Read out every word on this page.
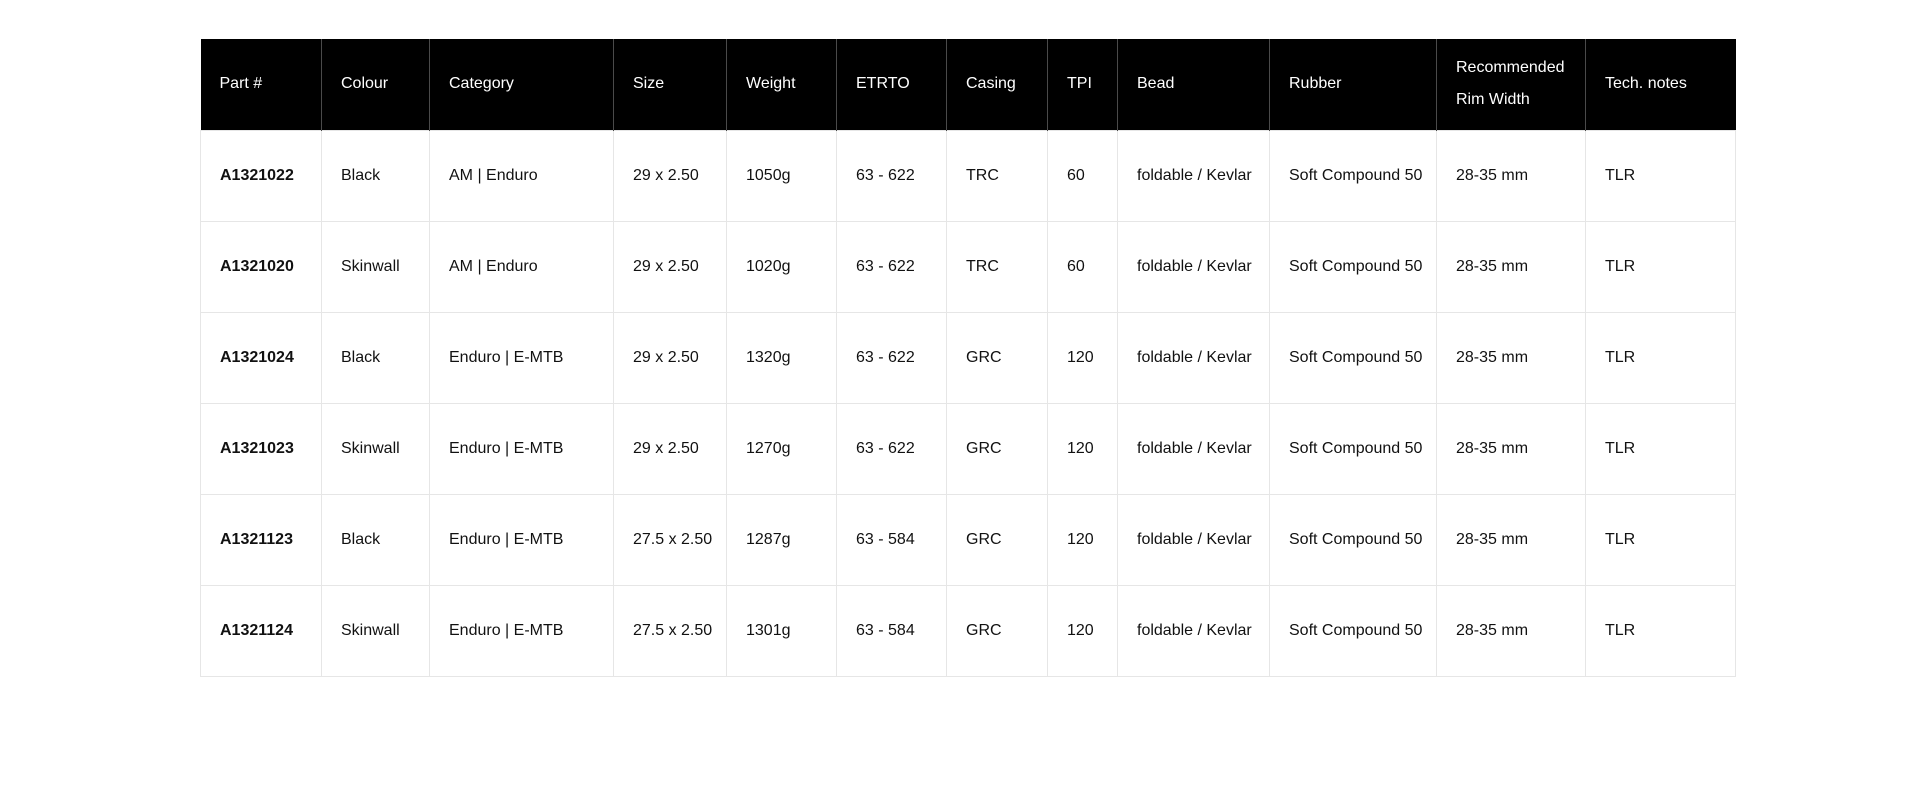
Part #	Colour	Category	Size	Weight	ETRTO	Casing	TPI	Bead	Rubber	Recommended Rim Width	Tech. notes
A1321022	Black	AM | Enduro	29 x 2.50	1050g	63 - 622	TRC	60	foldable / Kevlar	Soft Compound 50	28-35 mm	TLR
A1321020	Skinwall	AM | Enduro	29 x 2.50	1020g	63 - 622	TRC	60	foldable / Kevlar	Soft Compound 50	28-35 mm	TLR
A1321024	Black	Enduro | E-MTB	29 x 2.50	1320g	63 - 622	GRC	120	foldable / Kevlar	Soft Compound 50	28-35 mm	TLR
A1321023	Skinwall	Enduro | E-MTB	29 x 2.50	1270g	63 - 622	GRC	120	foldable / Kevlar	Soft Compound 50	28-35 mm	TLR
A1321123	Black	Enduro | E-MTB	27.5 x 2.50	1287g	63 - 584	GRC	120	foldable / Kevlar	Soft Compound 50	28-35 mm	TLR
A1321124	Skinwall	Enduro | E-MTB	27.5 x 2.50	1301g	63 - 584	GRC	120	foldable / Kevlar	Soft Compound 50	28-35 mm	TLR
